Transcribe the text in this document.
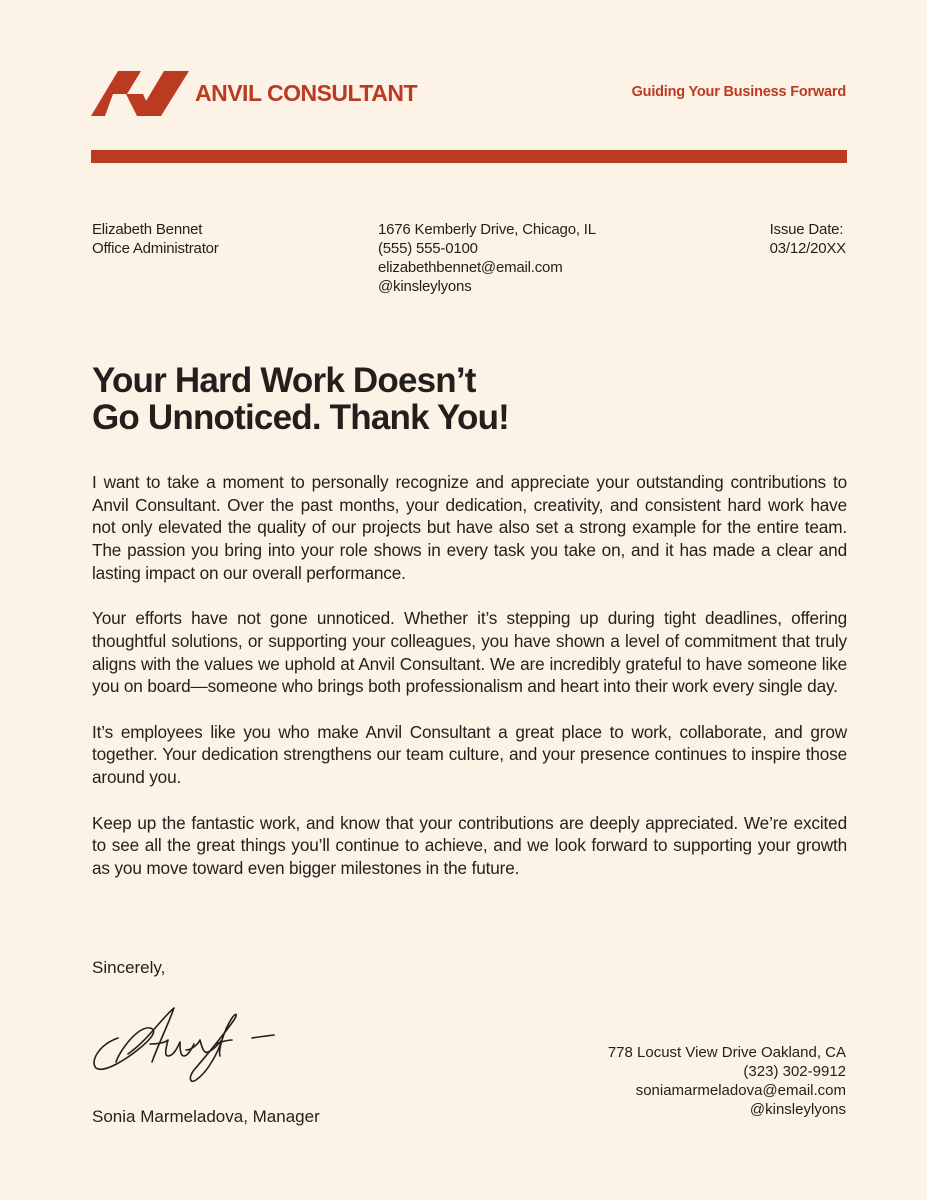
ANVIL CONSULTANT	Guiding Your Business Forward
Elizabeth Bennet
Office Administrator
1676 Kemberly Drive, Chicago, IL
(555) 555-0100
elizabethbennet@email.com
@kinsleylyons
Issue Date:
03/12/20XX
Your Hard Work Doesn’t
Go Unnoticed. Thank You!

I want to take a moment to personally recognize and appreciate your outstanding contributions to Anvil Consultant. Over the past months, your dedication, creativity, and consistent hard work have not only elevated the quality of our projects but have also set a strong example for the entire team. The passion you bring into your role shows in every task you take on, and it has made a clear and lasting impact on our overall performance.

Your efforts have not gone unnoticed. Whether it’s stepping up during tight deadlines, offering thoughtful solutions, or supporting your colleagues, you have shown a level of commitment that truly aligns with the values we uphold at Anvil Consultant. We are incredibly grateful to have someone like you on board—someone who brings both professionalism and heart into their work every single day.

It’s employees like you who make Anvil Consultant a great place to work, collaborate, and grow together. Your dedication strengthens our team culture, and your presence continues to inspire those around you.

Keep up the fantastic work, and know that your contributions are deeply appreciated. We’re excited to see all the great things you’ll continue to achieve, and we look forward to supporting your growth as you move toward even bigger milestones in the future.

Sincerely,
Sonia Marmeladova, Manager
778 Locust View Drive Oakland, CA
(323) 302-9912
soniamarmeladova@email.com
@kinsleylyons
